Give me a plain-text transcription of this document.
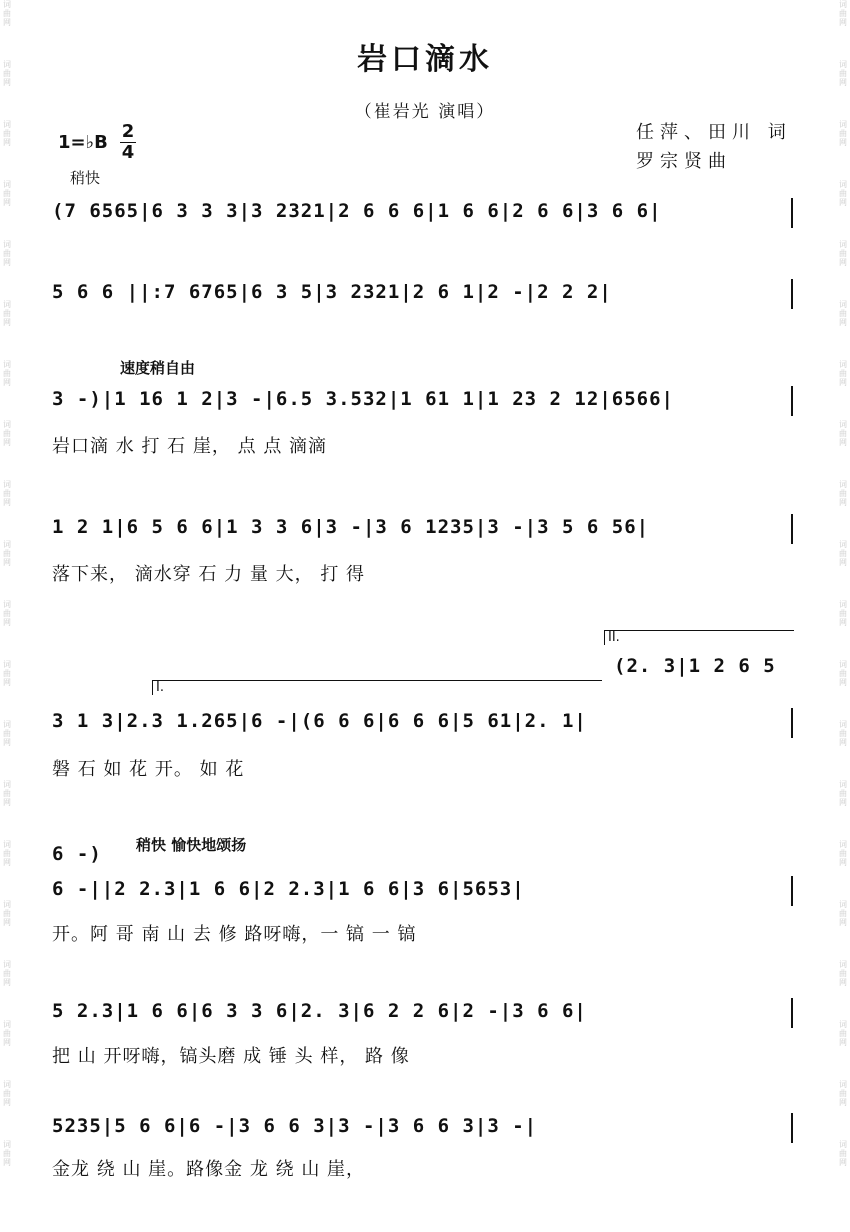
词曲网
词曲网
词曲网
词曲网
词曲网
词曲网
词曲网
词曲网
词曲网
词曲网
词曲网
词曲网
词曲网
词曲网
词曲网
词曲网
词曲网
词曲网
词曲网
词曲网
词曲网
词曲网
词曲网
词曲网
词曲网
词曲网
词曲网
词曲网
词曲网
词曲网
词曲网
词曲网
词曲网
词曲网
词曲网
词曲网
词曲网
词曲网
词曲网
词曲网
岩口滴水
（崔岩光 演唱）
1=♭B
2
4
稍快
任萍、田川 词
罗宗贤曲
(7 6565|6 3 3 3|3 2321|2 6 6 6|1 6 6|2 6 6|3 6 6|
5 6 6 ||:7 6765|6 3 5|3 2321|2 6 1|2 -|2 2 2|
速度稍自由
3 -)|1 16 1 2|3 -|6.5 3.532|1 61 1|1 23 2 12|6566|
岩口滴 水 打 石 崖， 点 点 滴滴
1 2 1|6 5 6 6|1 3 3 6|3 -|3 6 1235|3 -|3 5 6 56|
落下来， 滴水穿 石 力 量 大， 打 得
II.
(2. 3|1 2 6 5
I.
3 1 3|2.3 1.265|6 -|(6 6 6|6 6 6|5 61|2. 1|
磐 石 如 花 开。 如 花
6 -)	稍快 愉快地颂扬
6 -||2 2.3|1 6 6|2 2.3|1 6 6|3 6|5653|
开。阿 哥 南 山 去 修 路呀嗨，一 镐 一 镐
5 2.3|1 6 6|6 3 3 6|2. 3|6 2 2 6|2 -|3 6 6|
把 山 开呀嗨，镐头磨 成 锤 头 样， 路 像
5235|5 6 6|6 -|3 6 6 3|3 -|3 6 6 3|3 -|
金龙 绕 山 崖。路像金 龙 绕 山 崖，
